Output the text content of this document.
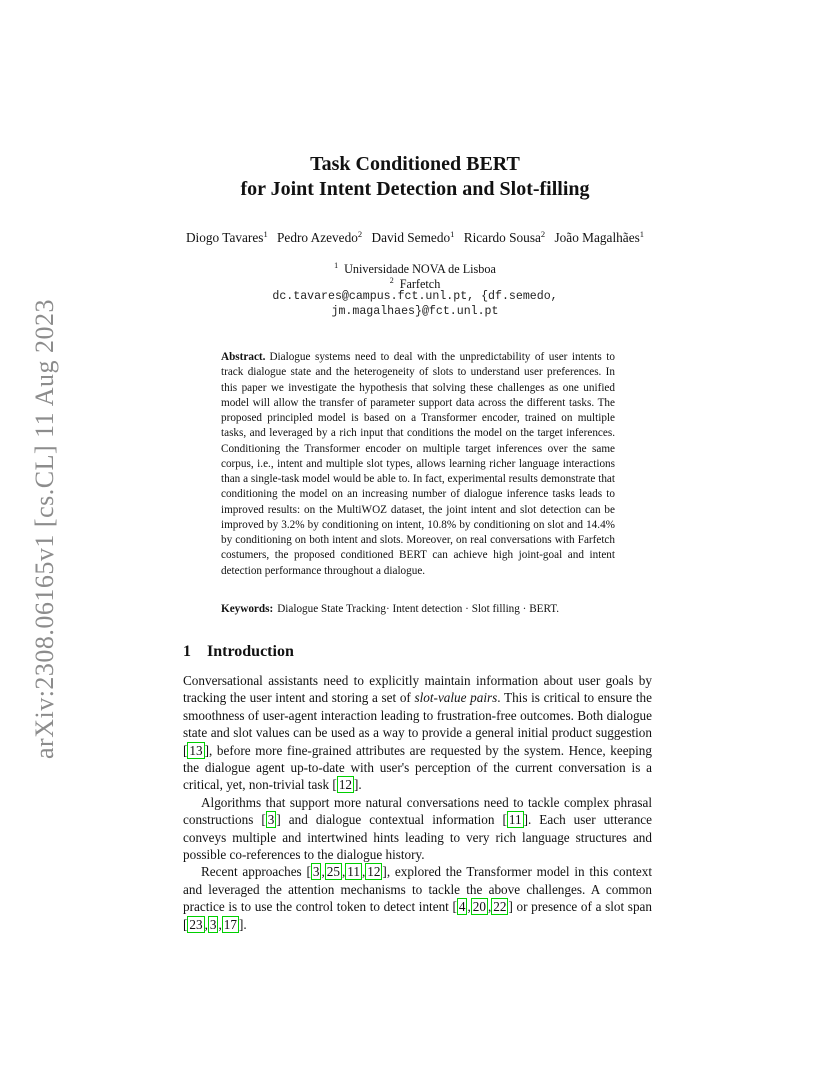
arXiv:2308.06165v1 [cs.CL] 11 Aug 2023
Task Conditioned BERT
for Joint Intent Detection and Slot-filling
Diogo Tavares$^1$ Pedro Azevedo$^2$ David Semedo$^1$ Ricardo Sousa$^2$ João Magalhães$^1$
$^1$ Universidade NOVA de Lisboa
$^2$ Farfetch
dc.tavares@campus.fct.unl.pt, {df.semedo,
jm.magalhaes}@fct.unl.pt
Abstract. Dialogue systems need to deal with the unpredictability of user intents to track dialogue state and the heterogeneity of slots to understand user preferences. In this paper we investigate the hypothesis that solving these challenges as one unified model will allow the transfer of parameter support data across the different tasks. The proposed principled model is based on a Transformer encoder, trained on multiple tasks, and leveraged by a rich input that conditions the model on the target inferences. Conditioning the Transformer encoder on multiple target inferences over the same corpus, i.e., intent and multiple slot types, allows learning richer language interactions than a single-task model would be able to. In fact, experimental results demonstrate that conditioning the model on an increasing number of dialogue inference tasks leads to improved results: on the MultiWOZ dataset, the joint intent and slot detection can be improved by 3.2% by conditioning on intent, 10.8% by conditioning on slot and 14.4% by conditioning on both intent and slots. Moreover, on real conversations with Farfetch costumers, the proposed conditioned BERT can achieve high joint-goal and intent detection performance throughout a dialogue.
Keywords: Dialogue State Tracking· Intent detection · Slot filling · BERT.
1 Introduction

Conversational assistants need to explicitly maintain information about user goals by tracking the user intent and storing a set of slot-value pairs. This is critical to ensure the smoothness of user-agent interaction leading to frustration-free outcomes. Both dialogue state and slot values can be used as a way to provide a general initial product suggestion [ 13 ], before more fine-grained attributes are requested by the system. Hence, keeping the dialogue agent up-to-date with user's perception of the current conversation is a critical, yet, non-trivial task [ 12 ].

Algorithms that support more natural conversations need to tackle complex phrasal constructions [ 3 ] and dialogue contextual information [ 11 ]. Each user utterance conveys multiple and intertwined hints leading to very rich language structures and possible co-references to the dialogue history.

Recent approaches [ 3 , 25 , 11 , 12 ], explored the Transformer model in this context and leveraged the attention mechanisms to tackle the above challenges. A common practice is to use the control token to detect intent [ 4 , 20 , 22 ] or presence of a slot span [ 23 , 3 , 17 ].
